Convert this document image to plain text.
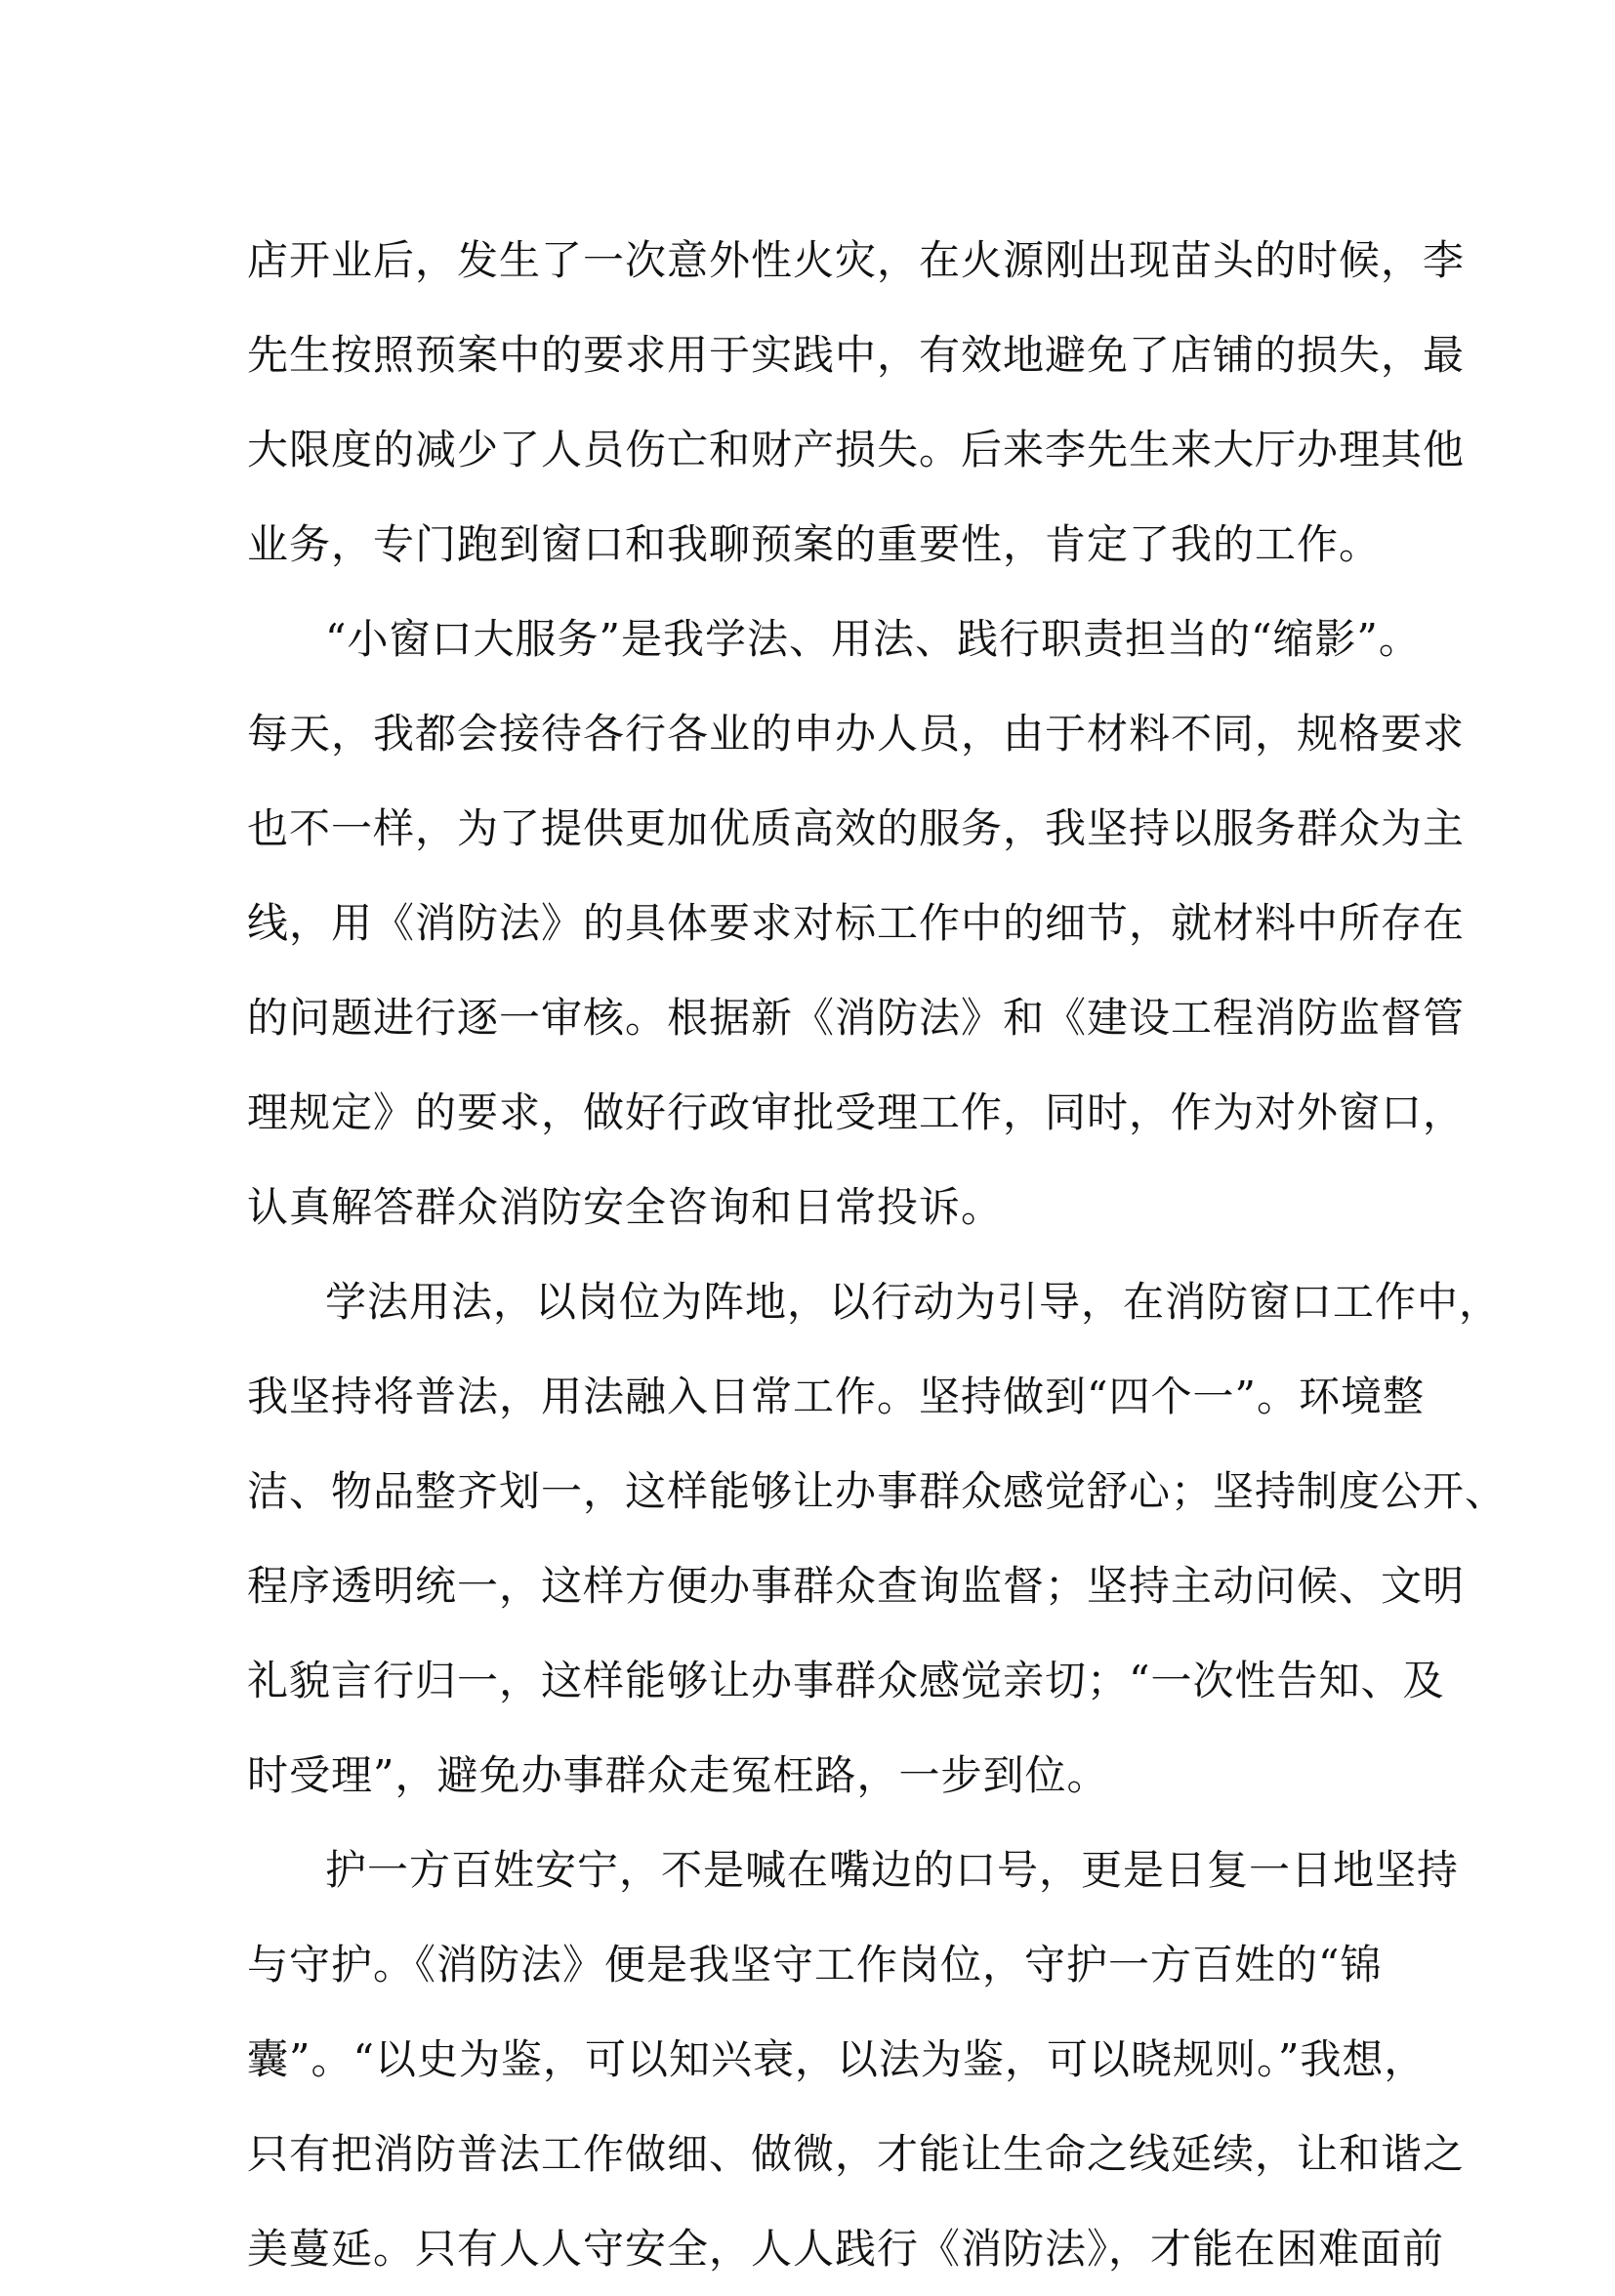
店开业后，发生了一次意外性火灾，在火源刚出现苗头的时候，李
先生按照预案中的要求用于实践中，有效地避免了店铺的损失，最
大限度的减少了人员伤亡和财产损失。后来李先生来大厅办理其他
业务，专门跑到窗口和我聊预案的重要性，肯定了我的工作。
“小窗口大服务”是我学法、用法、践行职责担当的“缩影”。
每天，我都会接待各行各业的申办人员，由于材料不同，规格要求
也不一样，为了提供更加优质高效的服务，我坚持以服务群众为主
线，用《消防法》的具体要求对标工作中的细节，就材料中所存在
的问题进行逐一审核。根据新《消防法》和《建设工程消防监督管
理规定》的要求，做好行政审批受理工作，同时，作为对外窗口，
认真解答群众消防安全咨询和日常投诉。
学法用法，以岗位为阵地，以行动为引导，在消防窗口工作中，
我坚持将普法，用法融入日常工作。坚持做到“四个一”。环境整
洁、物品整齐划一，这样能够让办事群众感觉舒心；坚持制度公开、
程序透明统一，这样方便办事群众查询监督；坚持主动问候、文明
礼貌言行归一，这样能够让办事群众感觉亲切；“一次性告知、及
时受理”，避免办事群众走冤枉路，一步到位。
护一方百姓安宁，不是喊在嘴边的口号，更是日复一日地坚持
与守护。《消防法》便是我坚守工作岗位，守护一方百姓的“锦
囊”。“以史为鉴，可以知兴衰，以法为鉴，可以晓规则。”我想，
只有把消防普法工作做细、做微，才能让生命之线延续，让和谐之
美蔓延。只有人人守安全，人人践行《消防法》，才能在困难面前
